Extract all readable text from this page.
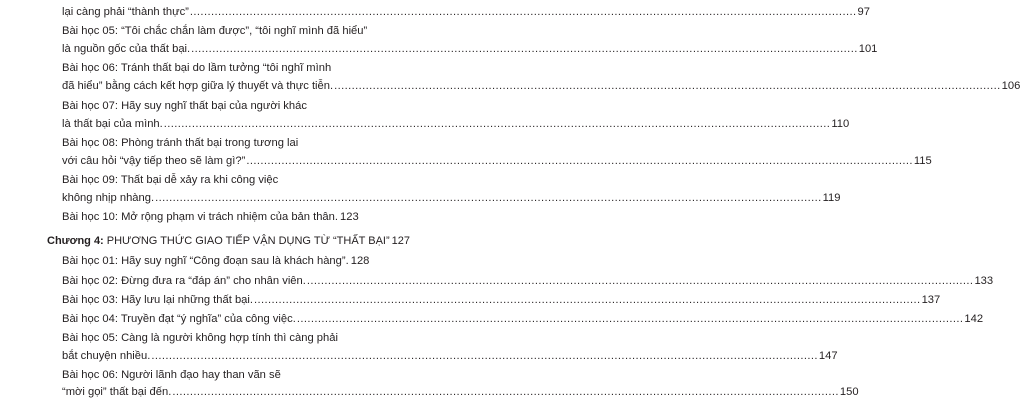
lại càng phải “thành thực” .....	97
Bài học 05: “Tôi chắc chắn làm được”, “tôi nghĩ mình đã hiểu”
là nguồn gốc của thất bại. .....	101
Bài học 06: Tránh thất bại do lầm tưởng “tôi nghĩ mình
đã hiểu” bằng cách kết hợp giữa lý thuyết và thực tiễn. .....	106
Bài học 07: Hãy suy nghĩ thất bại của người khác
là thất bại của mình. .....	110
Bài học 08: Phòng tránh thất bại trong tương lai
với câu hỏi “vậy tiếp theo sẽ làm gì?” .....	115
Bài học 09: Thất bại dễ xảy ra khi công việc
không nhịp nhàng. .....	119
Bài học 10: Mở rộng phạm vi trách nhiệm của bản thân. 123
Chương 4: PHƯƠNG THỨC GIAO TIẾP VẬN DỤNG TỪ “THẤT BẠI” 127
Bài học 01: Hãy suy nghĩ “Công đoạn sau là khách hàng”. 128
Bài học 02: Đừng đưa ra “đáp án” cho nhân viên. .....	133
Bài học 03: Hãy lưu lại những thất bại. .....	137
Bài học 04: Truyền đạt “ý nghĩa” của công việc. .....	142
Bài học 05: Càng là người không hợp tính thì càng phải
bắt chuyện nhiều. .....	147
Bài học 06: Người lãnh đạo hay than vãn sẽ
“mời gọi” thất bại đến. .....	150
